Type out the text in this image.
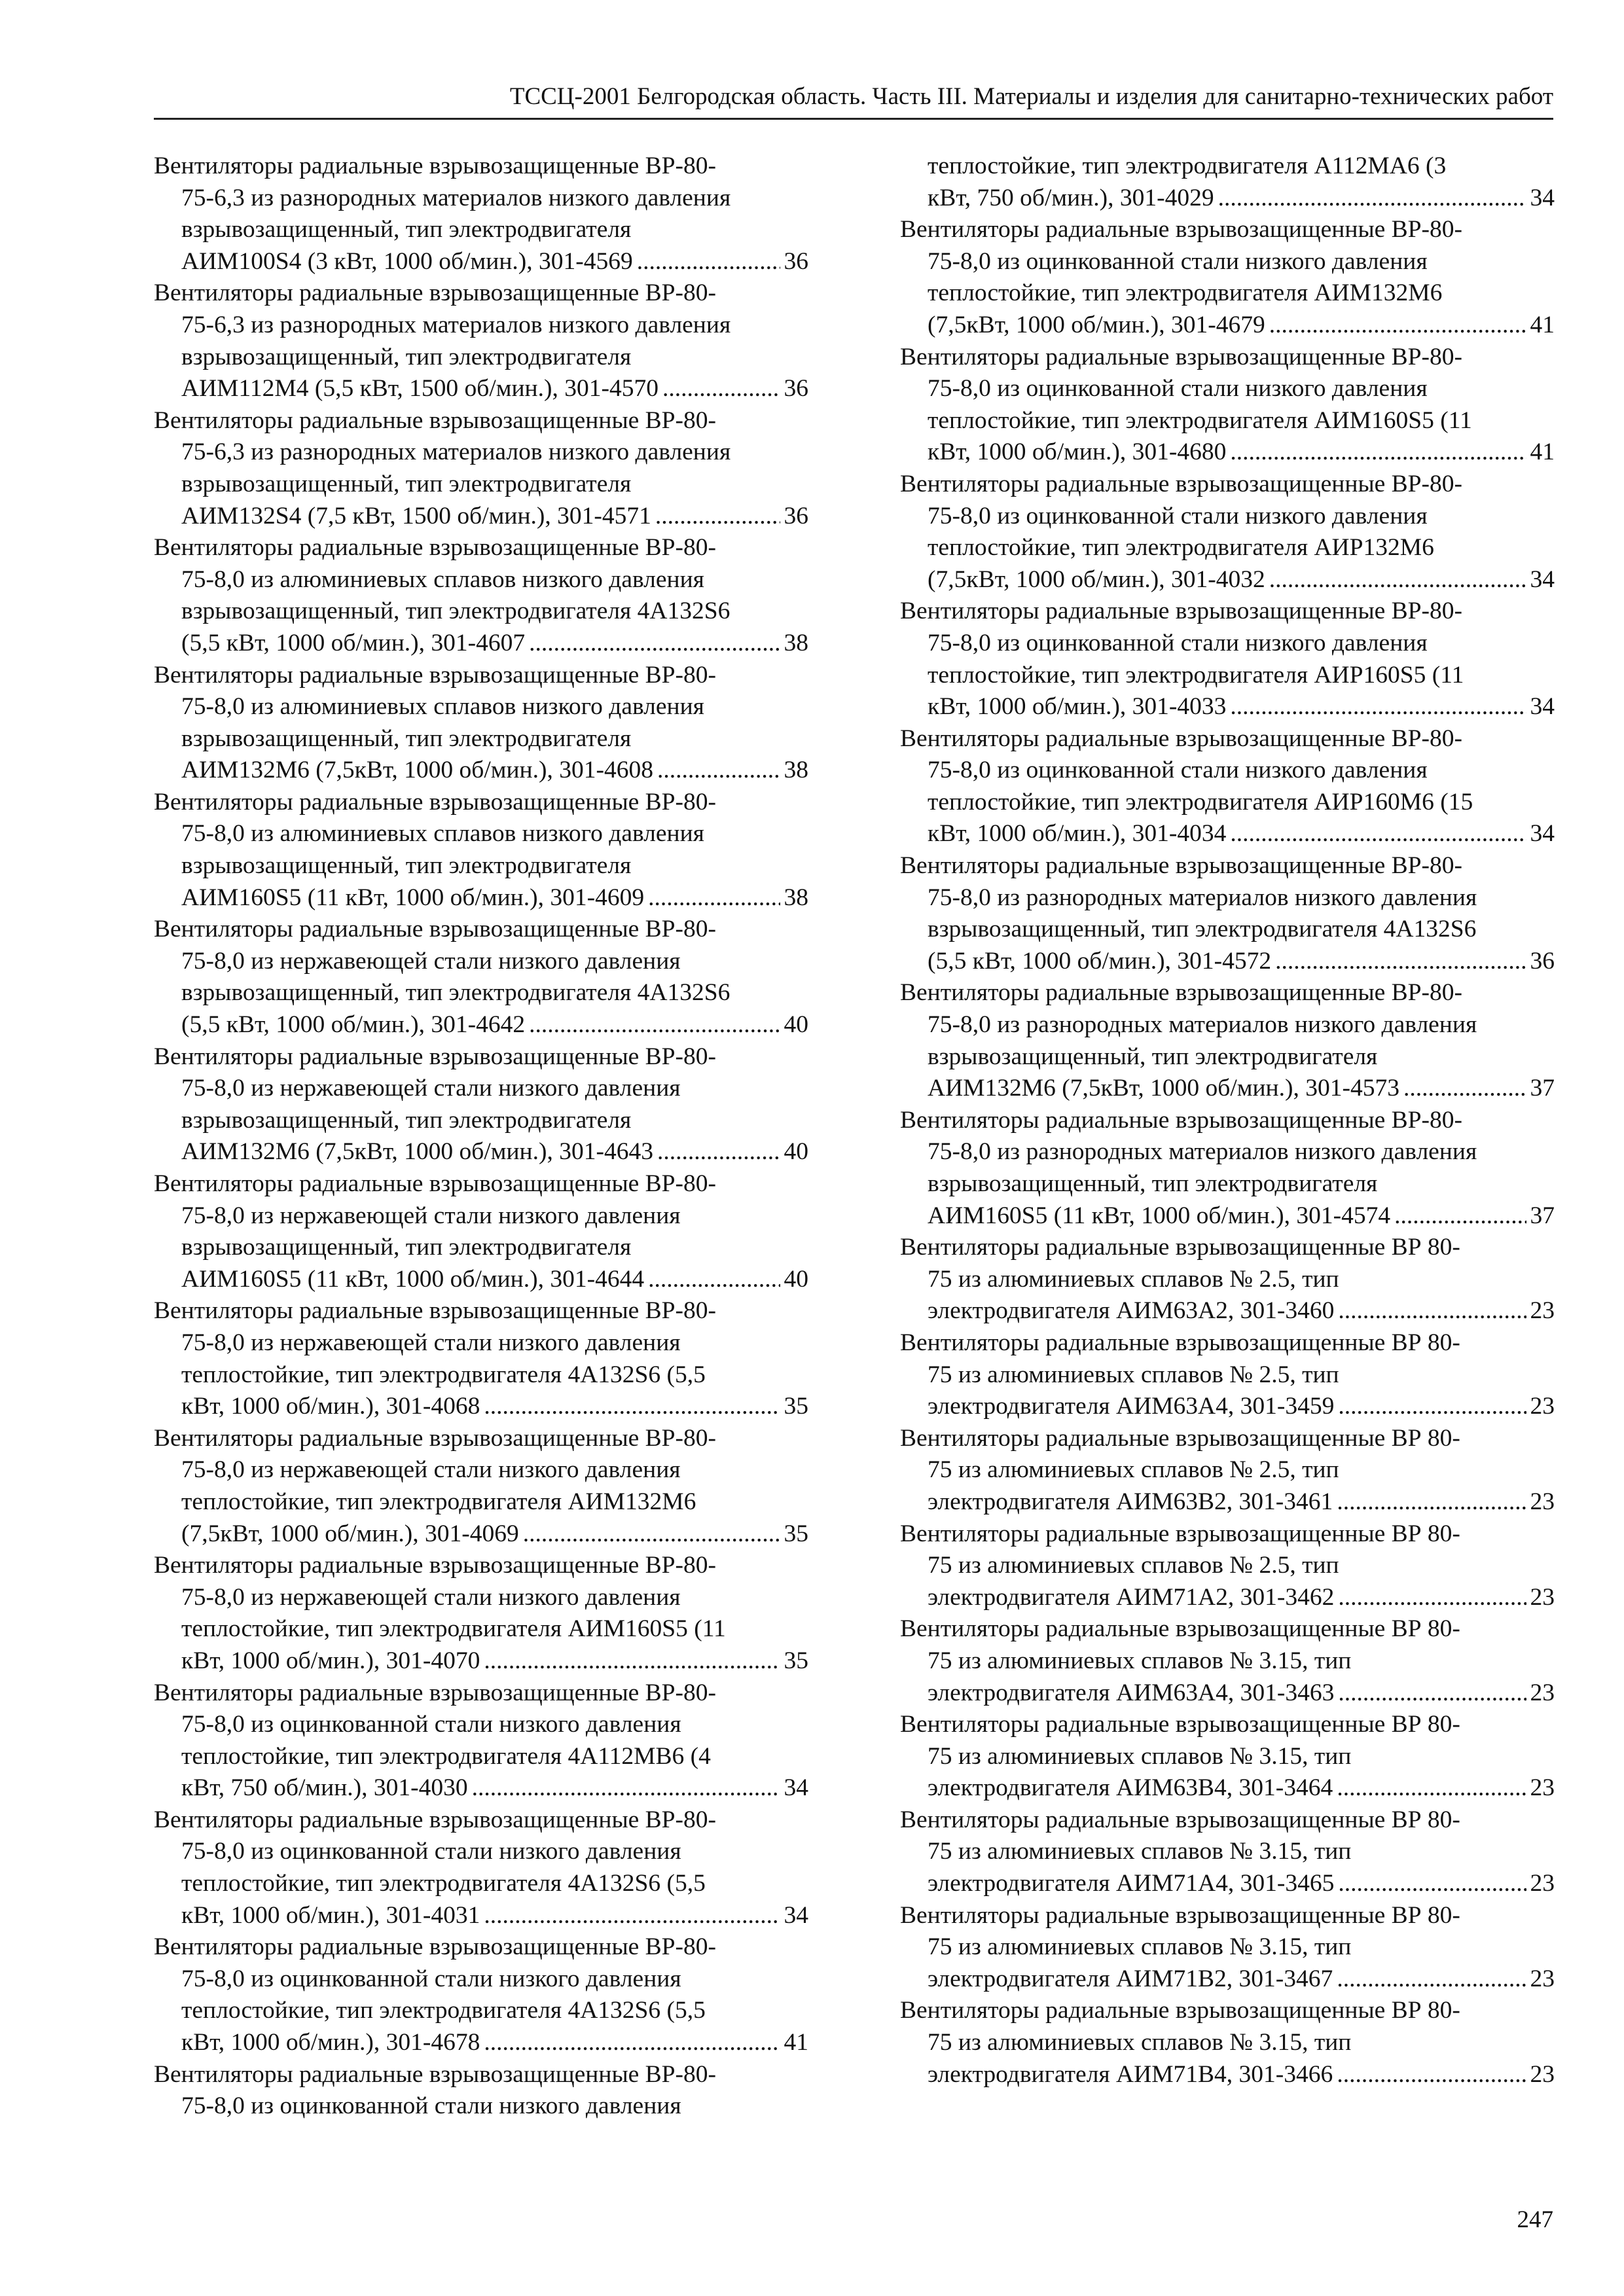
ТССЦ-2001 Белгородская область. Часть III. Материалы и изделия для санитарно-технических работ
Вентиляторы радиальные взрывозащищенные ВР-80-
75-6,3 из разнородных материалов низкого давления
взрывозащищенный, тип электродвигателя
АИМ100S4 (3 кВт, 1000 об/мин.), 301-4569 .....	36
Вентиляторы радиальные взрывозащищенные ВР-80-
75-6,3 из разнородных материалов низкого давления
взрывозащищенный, тип электродвигателя
АИМ112М4 (5,5 кВт, 1500 об/мин.), 301-4570 .....	36
Вентиляторы радиальные взрывозащищенные ВР-80-
75-6,3 из разнородных материалов низкого давления
взрывозащищенный, тип электродвигателя
АИМ132S4 (7,5 кВт, 1500 об/мин.), 301-4571 .....	36
Вентиляторы радиальные взрывозащищенные ВР-80-
75-8,0 из алюминиевых сплавов низкого давления
взрывозащищенный, тип электродвигателя 4А132S6
(5,5 кВт, 1000 об/мин.), 301-4607 .....	38
Вентиляторы радиальные взрывозащищенные ВР-80-
75-8,0 из алюминиевых сплавов низкого давления
взрывозащищенный, тип электродвигателя
АИМ132М6 (7,5кВт, 1000 об/мин.), 301-4608 .....	38
Вентиляторы радиальные взрывозащищенные ВР-80-
75-8,0 из алюминиевых сплавов низкого давления
взрывозащищенный, тип электродвигателя
АИМ160S5 (11 кВт, 1000 об/мин.), 301-4609 .....	38
Вентиляторы радиальные взрывозащищенные ВР-80-
75-8,0 из нержавеющей стали низкого давления
взрывозащищенный, тип электродвигателя 4А132S6
(5,5 кВт, 1000 об/мин.), 301-4642 .....	40
Вентиляторы радиальные взрывозащищенные ВР-80-
75-8,0 из нержавеющей стали низкого давления
взрывозащищенный, тип электродвигателя
АИМ132М6 (7,5кВт, 1000 об/мин.), 301-4643 .....	40
Вентиляторы радиальные взрывозащищенные ВР-80-
75-8,0 из нержавеющей стали низкого давления
взрывозащищенный, тип электродвигателя
АИМ160S5 (11 кВт, 1000 об/мин.), 301-4644 .....	40
Вентиляторы радиальные взрывозащищенные ВР-80-
75-8,0 из нержавеющей стали низкого давления
теплостойкие, тип электродвигателя 4А132S6 (5,5
кВт, 1000 об/мин.), 301-4068 .....	35
Вентиляторы радиальные взрывозащищенные ВР-80-
75-8,0 из нержавеющей стали низкого давления
теплостойкие, тип электродвигателя АИМ132М6
(7,5кВт, 1000 об/мин.), 301-4069 .....	35
Вентиляторы радиальные взрывозащищенные ВР-80-
75-8,0 из нержавеющей стали низкого давления
теплостойкие, тип электродвигателя АИМ160S5 (11
кВт, 1000 об/мин.), 301-4070 .....	35
Вентиляторы радиальные взрывозащищенные ВР-80-
75-8,0 из оцинкованной стали низкого давления
теплостойкие, тип электродвигателя 4А112МВ6 (4
кВт, 750 об/мин.), 301-4030 .....	34
Вентиляторы радиальные взрывозащищенные ВР-80-
75-8,0 из оцинкованной стали низкого давления
теплостойкие, тип электродвигателя 4А132S6 (5,5
кВт, 1000 об/мин.), 301-4031 .....	34
Вентиляторы радиальные взрывозащищенные ВР-80-
75-8,0 из оцинкованной стали низкого давления
теплостойкие, тип электродвигателя 4А132S6 (5,5
кВт, 1000 об/мин.), 301-4678 .....	41
Вентиляторы радиальные взрывозащищенные ВР-80-
75-8,0 из оцинкованной стали низкого давления
теплостойкие, тип электродвигателя А112МА6 (3
кВт, 750 об/мин.), 301-4029 .....	34
Вентиляторы радиальные взрывозащищенные ВР-80-
75-8,0 из оцинкованной стали низкого давления
теплостойкие, тип электродвигателя АИМ132М6
(7,5кВт, 1000 об/мин.), 301-4679 .....	41
Вентиляторы радиальные взрывозащищенные ВР-80-
75-8,0 из оцинкованной стали низкого давления
теплостойкие, тип электродвигателя АИМ160S5 (11
кВт, 1000 об/мин.), 301-4680 .....	41
Вентиляторы радиальные взрывозащищенные ВР-80-
75-8,0 из оцинкованной стали низкого давления
теплостойкие, тип электродвигателя АИР132М6
(7,5кВт, 1000 об/мин.), 301-4032 .....	34
Вентиляторы радиальные взрывозащищенные ВР-80-
75-8,0 из оцинкованной стали низкого давления
теплостойкие, тип электродвигателя АИР160S5 (11
кВт, 1000 об/мин.), 301-4033 .....	34
Вентиляторы радиальные взрывозащищенные ВР-80-
75-8,0 из оцинкованной стали низкого давления
теплостойкие, тип электродвигателя АИР160М6 (15
кВт, 1000 об/мин.), 301-4034 .....	34
Вентиляторы радиальные взрывозащищенные ВР-80-
75-8,0 из разнородных материалов низкого давления
взрывозащищенный, тип электродвигателя 4А132S6
(5,5 кВт, 1000 об/мин.), 301-4572 .....	36
Вентиляторы радиальные взрывозащищенные ВР-80-
75-8,0 из разнородных материалов низкого давления
взрывозащищенный, тип электродвигателя
АИМ132М6 (7,5кВт, 1000 об/мин.), 301-4573 .....	37
Вентиляторы радиальные взрывозащищенные ВР-80-
75-8,0 из разнородных материалов низкого давления
взрывозащищенный, тип электродвигателя
АИМ160S5 (11 кВт, 1000 об/мин.), 301-4574 .....	37
Вентиляторы радиальные взрывозащищенные ВР 80-
75 из алюминиевых сплавов № 2.5, тип
электродвигателя АИМ63А2, 301-3460 .....	23
Вентиляторы радиальные взрывозащищенные ВР 80-
75 из алюминиевых сплавов № 2.5, тип
электродвигателя АИМ63А4, 301-3459 .....	23
Вентиляторы радиальные взрывозащищенные ВР 80-
75 из алюминиевых сплавов № 2.5, тип
электродвигателя АИМ63В2, 301-3461 .....	23
Вентиляторы радиальные взрывозащищенные ВР 80-
75 из алюминиевых сплавов № 2.5, тип
электродвигателя АИМ71А2, 301-3462 .....	23
Вентиляторы радиальные взрывозащищенные ВР 80-
75 из алюминиевых сплавов № 3.15, тип
электродвигателя АИМ63А4, 301-3463 .....	23
Вентиляторы радиальные взрывозащищенные ВР 80-
75 из алюминиевых сплавов № 3.15, тип
электродвигателя АИМ63В4, 301-3464 .....	23
Вентиляторы радиальные взрывозащищенные ВР 80-
75 из алюминиевых сплавов № 3.15, тип
электродвигателя АИМ71А4, 301-3465 .....	23
Вентиляторы радиальные взрывозащищенные ВР 80-
75 из алюминиевых сплавов № 3.15, тип
электродвигателя АИМ71В2, 301-3467 .....	23
Вентиляторы радиальные взрывозащищенные ВР 80-
75 из алюминиевых сплавов № 3.15, тип
электродвигателя АИМ71В4, 301-3466 .....	23
247
